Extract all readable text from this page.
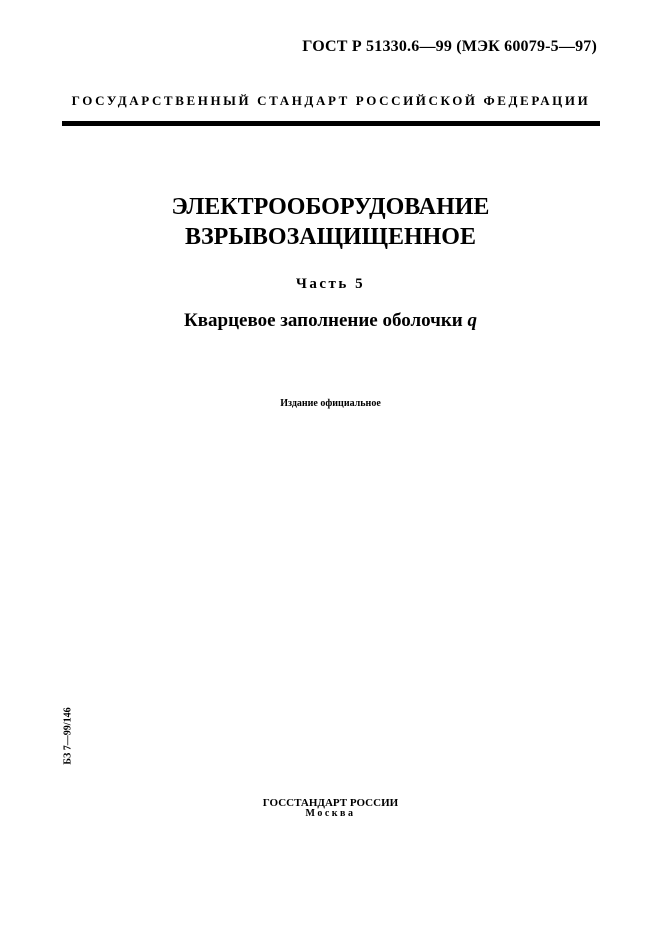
ГОСТ Р 51330.6—99 (МЭК 60079-5—97)
ГОСУДАРСТВЕННЫЙ СТАНДАРТ РОССИЙСКОЙ ФЕДЕРАЦИИ
ЭЛЕКТРООБОРУДОВАНИЕ
ВЗРЫВОЗАЩИЩЕННОЕ
Часть 5
Кварцевое заполнение оболочки q
Издание официальное
БЗ 7—99/146
ГОССТАНДАРТ РОССИИ
Москва
